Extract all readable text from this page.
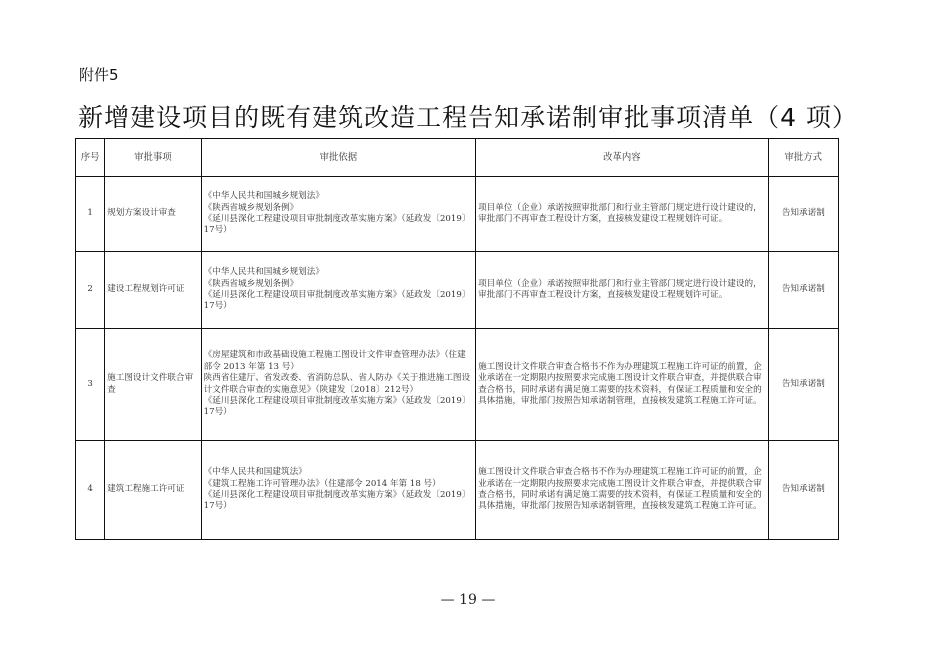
附件5
新增建设项目的既有建筑改造工程告知承诺制审批事项清单（4 项）
序号	审批事项	审批依据	改革内容	审批方式
1	规划方案设计审查	《中华人民共和国城乡规划法》
《陕西省城乡规划条例》
《延川县深化工程建设项目审批制度改革实施方案》（延政发〔2019〕17号）	项目单位（企业）承诺按照审批部门和行业主管部门规定进行设计建设的，审批部门不再审查工程设计方案，直接核发建设工程规划许可证。	告知承诺制
2	建设工程规划许可证	《中华人民共和国城乡规划法》
《陕西省城乡规划条例》
《延川县深化工程建设项目审批制度改革实施方案》（延政发〔2019〕17号）	项目单位（企业）承诺按照审批部门和行业主管部门规定进行设计建设的，审批部门不再审查工程设计方案，直接核发建设工程规划许可证。	告知承诺制
3	施工图设计文件联合审查	《房屋建筑和市政基础设施工程施工图设计文件审查管理办法》（住建部令 2013 年第 13 号）
陕西省住建厅、省发改委、省消防总队、省人防办《关于推进施工图设计文件联合审查的实施意见》（陕建发〔2018〕212号）
《延川县深化工程建设项目审批制度改革实施方案》（延政发〔2019〕17号）	施工图设计文件联合审查合格书不作为办理建筑工程施工许可证的前置，企业承诺在一定期限内按照要求完成施工图设计文件联合审查，并提供联合审查合格书，同时承诺有满足施工需要的技术资料，有保证工程质量和安全的具体措施，审批部门按照告知承诺制管理，直接核发建筑工程施工许可证。	告知承诺制
4	建筑工程施工许可证	《中华人民共和国建筑法》
《建筑工程施工许可管理办法》（住建部令 2014 年第 18 号）
《延川县深化工程建设项目审批制度改革实施方案》（延政发〔2019〕17号）	施工图设计文件联合审查合格书不作为办理建筑工程施工许可证的前置，企业承诺在一定期限内按照要求完成施工图设计文件联合审查，并提供联合审查合格书，同时承诺有满足施工需要的技术资料，有保证工程质量和安全的具体措施，审批部门按照告知承诺制管理，直接核发建筑工程施工许可证。	告知承诺制
— 19 —
